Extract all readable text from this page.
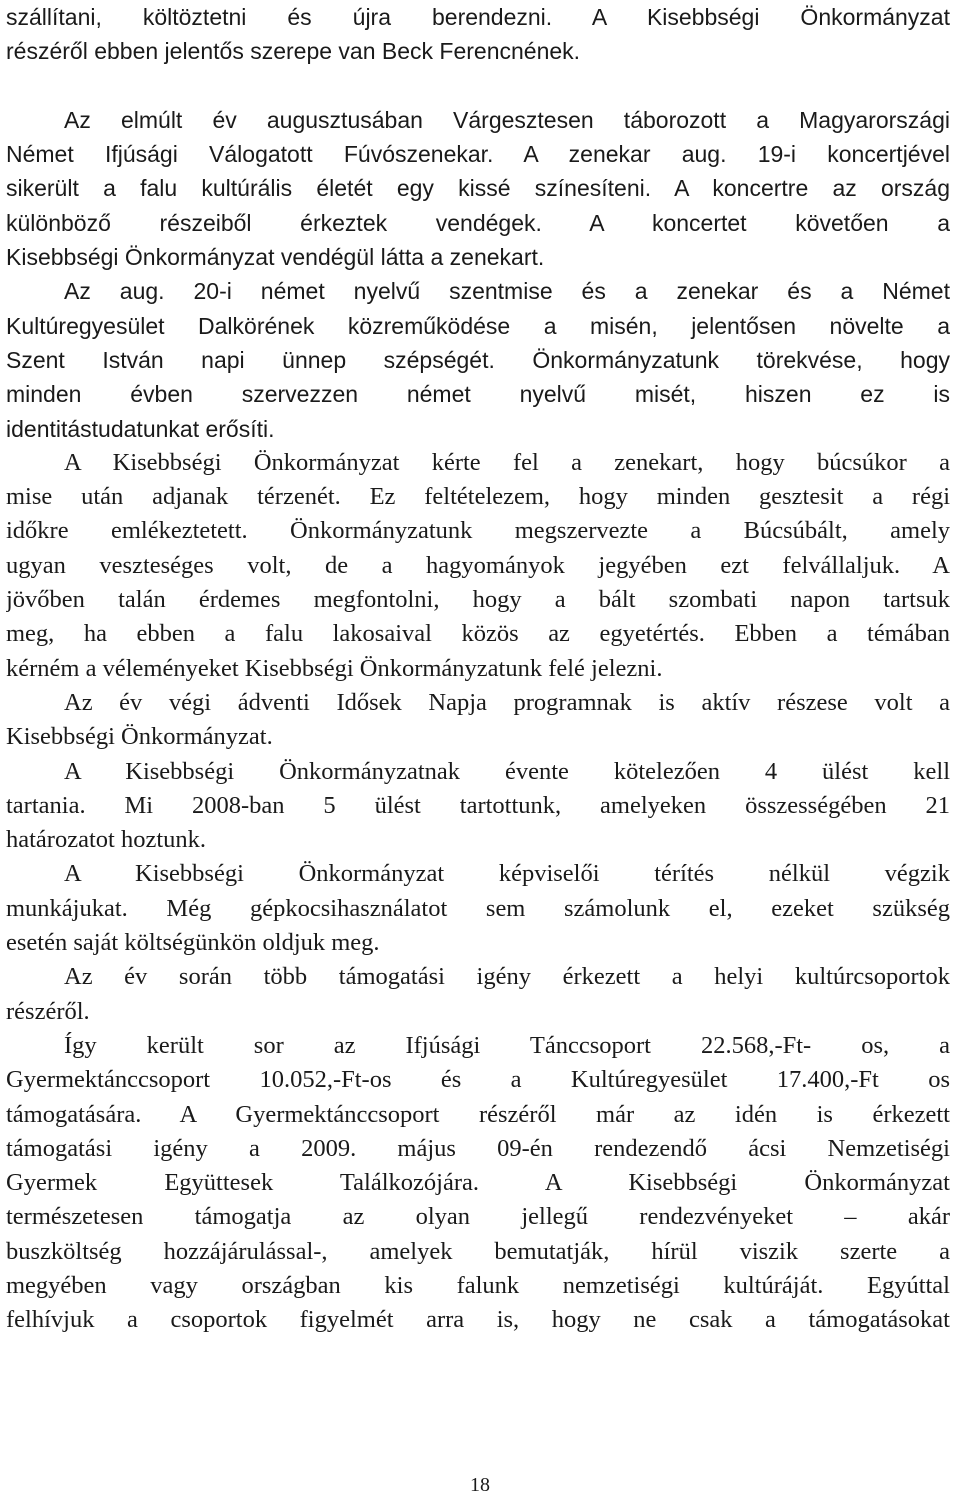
szállítani, költöztetni és újra berendezni. A Kisebbségi Önkormányzat
részéről ebben jelentős szerepe van Beck Ferencnének.
Az elmúlt év augusztusában Várgesztesen táborozott a Magyarországi
Német Ifjúsági Válogatott Fúvószenekar. A zenekar aug. 19-i koncertjével
sikerült a falu kultúrális életét egy kissé színesíteni. A koncertre az ország
különböző részeiből érkeztek vendégek. A koncertet követően a
Kisebbségi Önkormányzat vendégül látta a zenekart.
Az aug. 20-i német nyelvű szentmise és a zenekar és a Német
Kultúregyesület Dalkörének közreműködése a misén, jelentősen növelte a
Szent István napi ünnep szépségét. Önkormányzatunk törekvése, hogy
minden évben szervezzen német nyelvű misét, hiszen ez is
identitástudatunkat erősíti.
A Kisebbségi Önkormányzat kérte fel a zenekart, hogy búcsúkor a
mise után adjanak térzenét. Ez feltételezem, hogy minden gesztesit a régi
időkre emlékeztetett. Önkormányzatunk megszervezte a Búcsúbált, amely
ugyan veszteséges volt, de a hagyományok jegyében ezt felvállaljuk. A
jövőben talán érdemes megfontolni, hogy a bált szombati napon tartsuk
meg, ha ebben a falu lakosaival közös az egyetértés. Ebben a témában
kérném a véleményeket Kisebbségi Önkormányzatunk felé jelezni.
Az év végi ádventi Idősek Napja programnak is aktív részese volt a
Kisebbségi Önkormányzat.
A Kisebbségi Önkormányzatnak évente kötelezően 4 ülést kell
tartania. Mi 2008-ban 5 ülést tartottunk, amelyeken összességében 21
határozatot hoztunk.
A Kisebbségi Önkormányzat képviselői térítés nélkül végzik
munkájukat. Még gépkocsihasználatot sem számolunk el, ezeket szükség
esetén saját költségünkön oldjuk meg.
Az év során több támogatási igény érkezett a helyi kultúrcsoportok
részéről.
Így került sor az Ifjúsági Tánccsoport 22.568,-Ft- os, a
Gyermektánccsoport 10.052,-Ft-os és a Kultúregyesület 17.400,-Ft os
támogatására. A Gyermektánccsoport részéről már az idén is érkezett
támogatási igény a 2009. május 09-én rendezendő ácsi Nemzetiségi
Gyermek Együttesek Találkozójára. A Kisebbségi Önkormányzat
természetesen támogatja az olyan jellegű rendezvényeket – akár
buszköltség hozzájárulással-, amelyek bemutatják, hírül viszik szerte a
megyében vagy országban kis falunk nemzetiségi kultúráját. Egyúttal
felhívjuk a csoportok figyelmét arra is, hogy ne csak a támogatásokat
18
